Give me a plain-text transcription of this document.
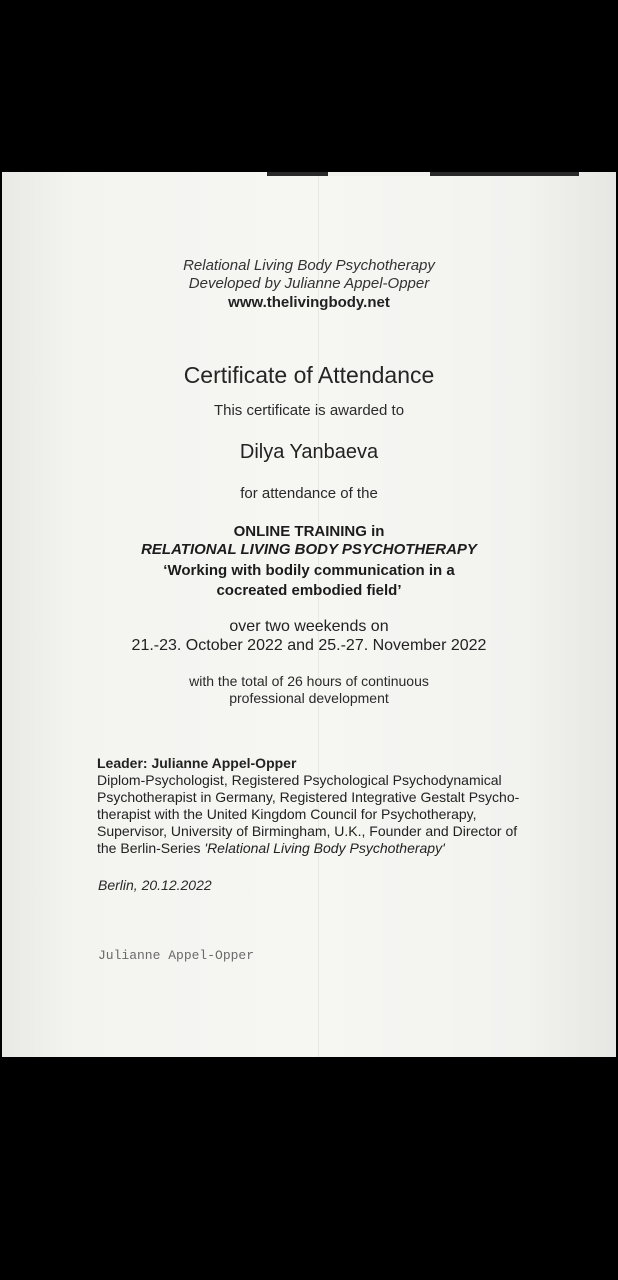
Relational Living Body Psychotherapy
Developed by Julianne Appel-Opper
www.thelivingbody.net
Certificate of Attendance
This certificate is awarded to
Dilya Yanbaeva
for attendance of the
ONLINE TRAINING in
RELATIONAL LIVING BODY PSYCHOTHERAPY
‘Working with bodily communication in a
cocreated embodied field’
over two weekends on
21.-23. October 2022 and 25.-27. November 2022
with the total of 26 hours of continuous
professional development
Leader: Julianne Appel-Opper
Diplom-Psychologist, Registered Psychological Psychodynamical
Psychotherapist in Germany, Registered Integrative Gestalt Psycho-
therapist with the United Kingdom Council for Psychotherapy,
Supervisor, University of Birmingham, U.K., Founder and Director of
the Berlin-Series 'Relational Living Body Psychotherapy'
Berlin, 20.12.2022
Julianne Appel-Opper
